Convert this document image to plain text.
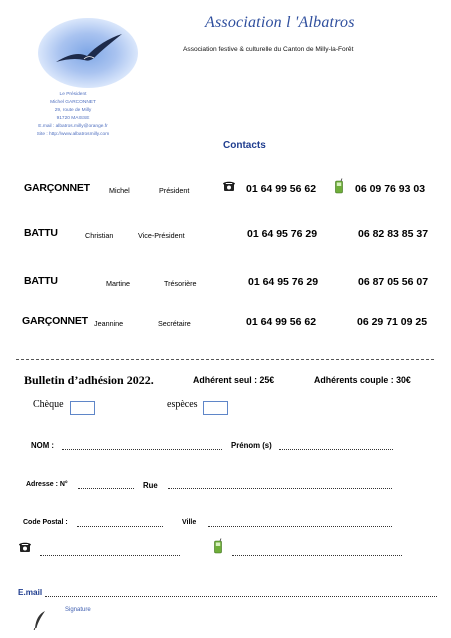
Association l 'Albatros
Association festive & culturelle du Canton de Milly-la-Forêt
Le Président
Michel GARCONNET
29, route de Milly
91720 MAISSE
E.mail : albatros.milly@orange.fr
Site : http://www.albatrosmilly.com
Contacts
GARÇONNET	Michel	Président	01 64 99 56 62	06 09 76 93 03
BATTU	Christian	Vice-Président	01 64 95 76 29	06 82 83 85 37
BATTU	Martine	Trésorière	01 64 95 76 29	06 87 05 56 07
GARÇONNET Jeannine	Secrétaire	01 64 99 56 62	06 29 71 09 25
Bulletin d’adhésion 2022.	Adhérent seul : 25€	Adhérents couple : 30€
Chèque	espèces
NOM :	Prénom (s)
Adresse : N°	Rue
Code Postal :	Ville
E.mail
Signature
